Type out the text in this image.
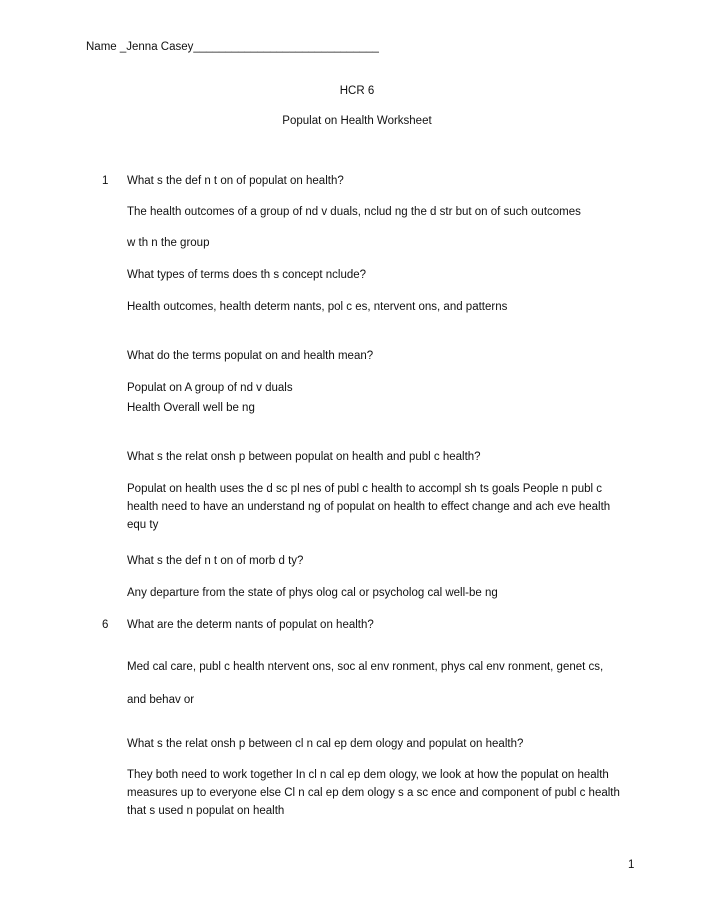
Name _Jenna Casey_____________________________
HCR 6
Populat on Health Worksheet
1	What s the def n t on of populat on health?
The health outcomes of a group of nd v duals, nclud ng the d str but on of such outcomes
w th n the group
What types of terms does th s concept nclude?
Health outcomes, health determ nants, pol c es, ntervent ons, and patterns
What do the terms populat on and health mean?
Populat on A group of nd v duals
Health Overall well be ng
What s the relat onsh p between populat on health and publ c health?
Populat on health uses the d sc pl nes of publ c health to accompl sh ts goals People n publ c
health need to have an understand ng of populat on health to effect change and ach eve health
equ ty
What s the def n t on of morb d ty?
Any departure from the state of phys olog cal or psycholog cal well-be ng
6	What are the determ nants of populat on health?
Med cal care, publ c health ntervent ons, soc al env ronment, phys cal env ronment, genet cs,
and behav or
What s the relat onsh p between cl n cal ep dem ology and populat on health?
They both need to work together In cl n cal ep dem ology, we look at how the populat on health
measures up to everyone else Cl n cal ep dem ology s a sc ence and component of publ c health
that s used n populat on health
1
